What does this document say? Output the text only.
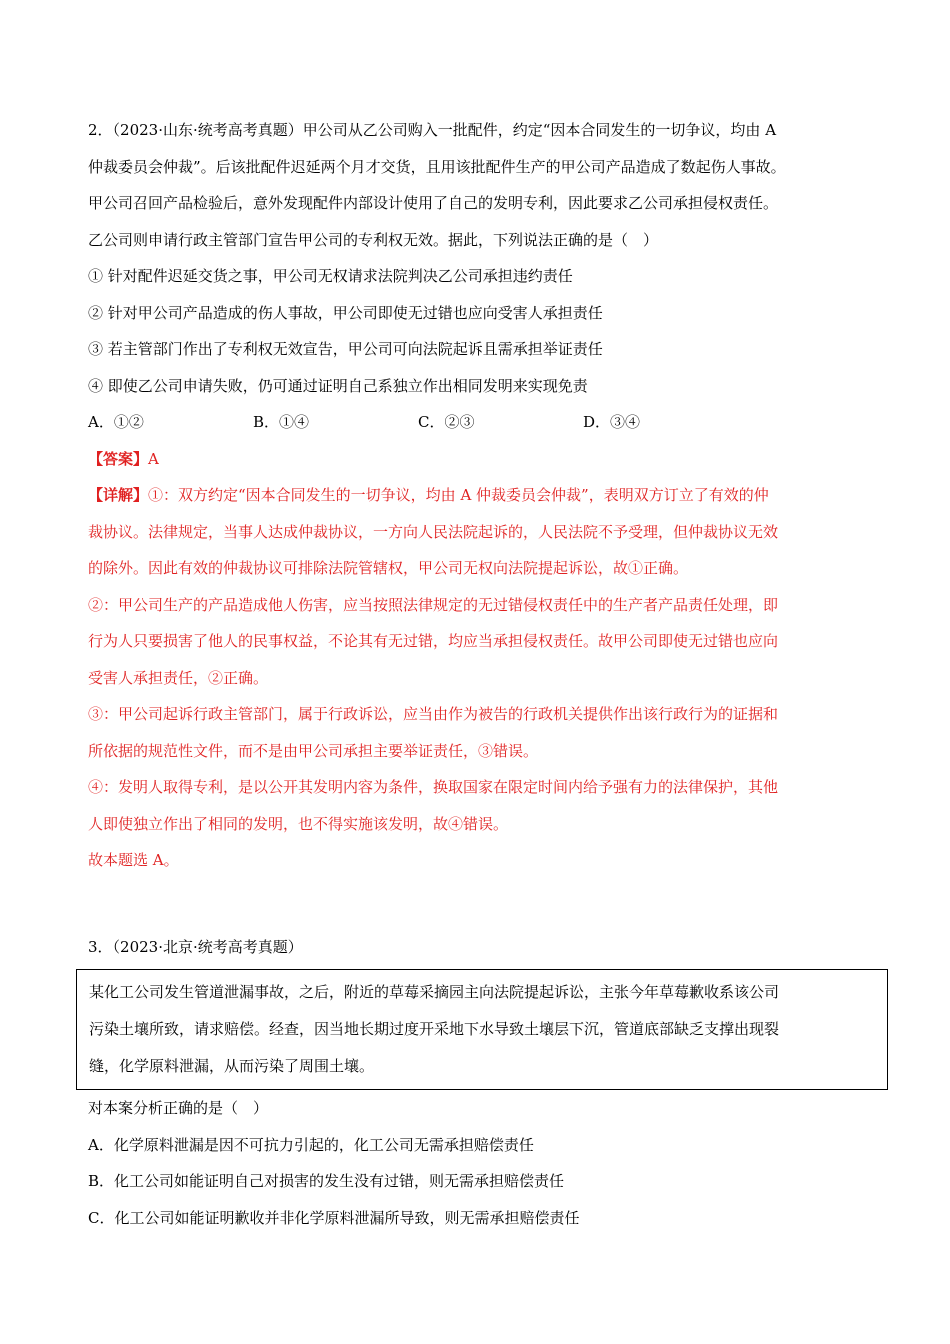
2．（2023·山东·统考高考真题）甲公司从乙公司购入一批配件，约定“因本合同发生的一切争议，均由 A
仲裁委员会仲裁”。后该批配件迟延两个月才交货，且用该批配件生产的甲公司产品造成了数起伤人事故。
甲公司召回产品检验后，意外发现配件内部设计使用了自己的发明专利，因此要求乙公司承担侵权责任。
乙公司则申请行政主管部门宣告甲公司的专利权无效。据此，下列说法正确的是（　）
① 针对配件迟延交货之事，甲公司无权请求法院判决乙公司承担违约责任
② 针对甲公司产品造成的伤人事故，甲公司即使无过错也应向受害人承担责任
③ 若主管部门作出了专利权无效宣告，甲公司可向法院起诉且需承担举证责任
④ 即使乙公司申请失败，仍可通过证明自己系独立作出相同发明来实现免责
A．①②	B．①④	C．②③	D．③④
【答案】A
【详解】①：双方约定“因本合同发生的一切争议，均由 A 仲裁委员会仲裁”，表明双方订立了有效的仲
裁协议。法律规定，当事人达成仲裁协议，一方向人民法院起诉的，人民法院不予受理，但仲裁协议无效
的除外。因此有效的仲裁协议可排除法院管辖权，甲公司无权向法院提起诉讼，故①正确。
②：甲公司生产的产品造成他人伤害，应当按照法律规定的无过错侵权责任中的生产者产品责任处理，即
行为人只要损害了他人的民事权益，不论其有无过错，均应当承担侵权责任。故甲公司即使无过错也应向
受害人承担责任，②正确。
③：甲公司起诉行政主管部门，属于行政诉讼，应当由作为被告的行政机关提供作出该行政行为的证据和
所依据的规范性文件，而不是由甲公司承担主要举证责任，③错误。
④：发明人取得专利，是以公开其发明内容为条件，换取国家在限定时间内给予强有力的法律保护，其他
人即使独立作出了相同的发明，也不得实施该发明，故④错误。
故本题选 A。
3．（2023·北京·统考高考真题）
某化工公司发生管道泄漏事故，之后，附近的草莓采摘园主向法院提起诉讼，主张今年草莓歉收系该公司
污染土壤所致，请求赔偿。经查，因当地长期过度开采地下水导致土壤层下沉，管道底部缺乏支撑出现裂
缝，化学原料泄漏，从而污染了周围土壤。
对本案分析正确的是（　）
A．化学原料泄漏是因不可抗力引起的，化工公司无需承担赔偿责任
B．化工公司如能证明自己对损害的发生没有过错，则无需承担赔偿责任
C．化工公司如能证明歉收并非化学原料泄漏所导致，则无需承担赔偿责任
